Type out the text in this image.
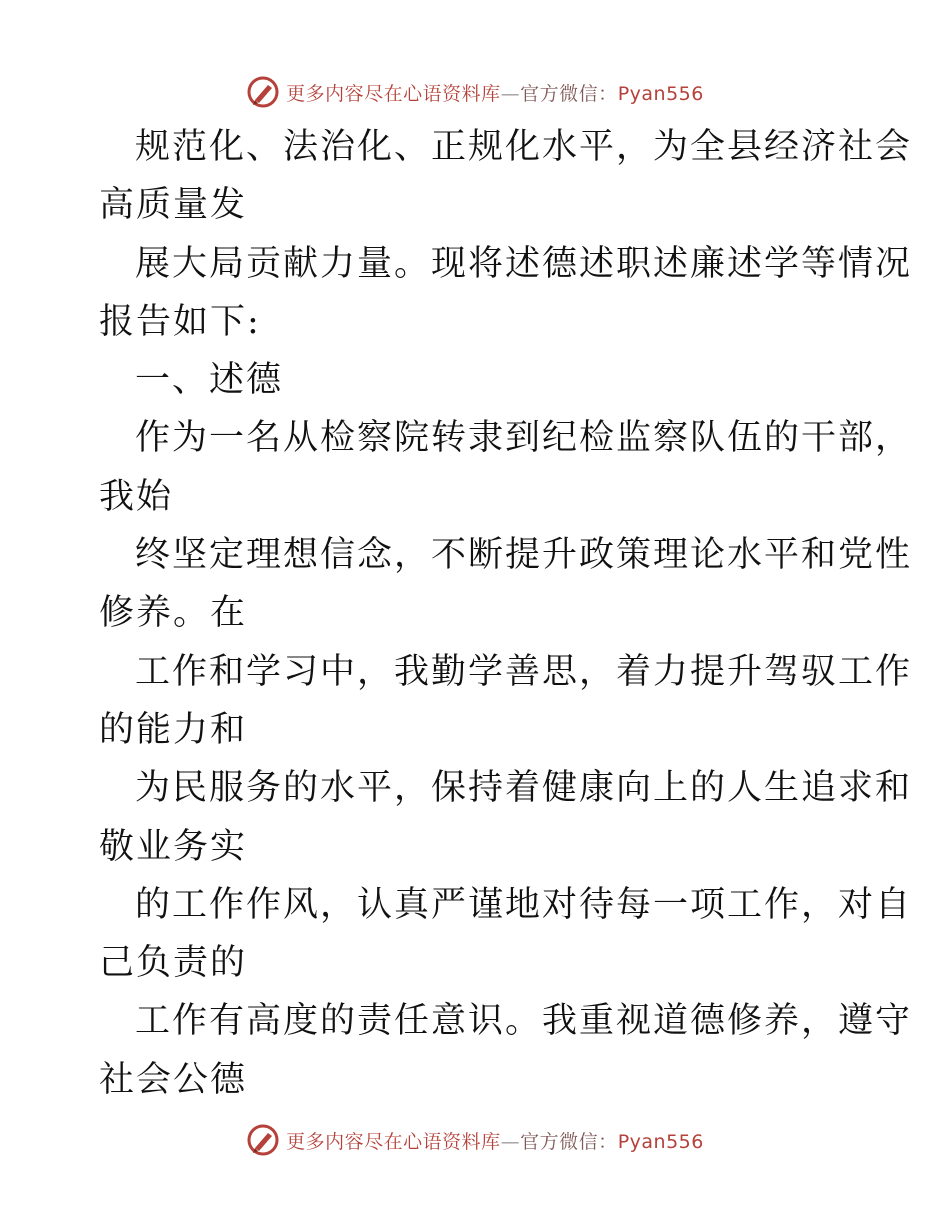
更多内容尽在心语资料库—官方微信：Pyan556
规范化、法治化、正规化水平，为全县经济社会
高质量发
展大局贡献力量。现将述德述职述廉述学等情况
报告如下:
一、述德
作为一名从检察院转隶到纪检监察队伍的干部，
我始
终坚定理想信念，不断提升政策理论水平和党性
修养。在
工作和学习中，我勤学善思，着力提升驾驭工作
的能力和
为民服务的水平，保持着健康向上的人生追求和
敬业务实
的工作作风，认真严谨地对待每一项工作，对自
己负责的
工作有高度的责任意识。我重视道德修养，遵守
社会公德
更多内容尽在心语资料库—官方微信：Pyan556
